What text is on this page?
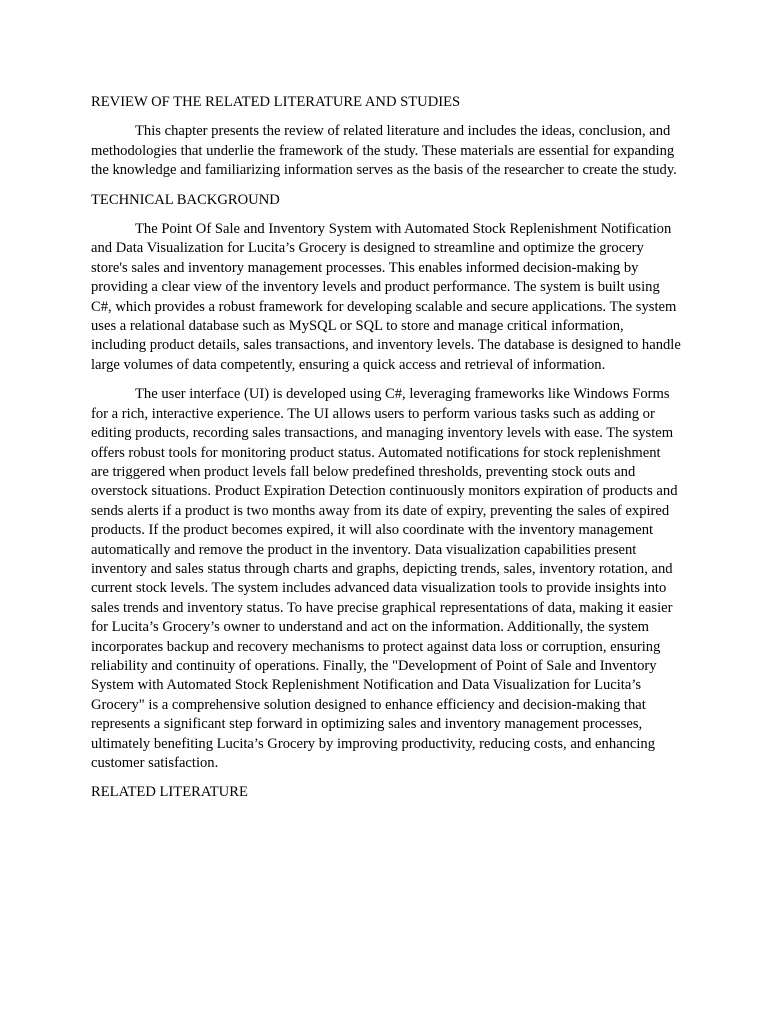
REVIEW OF THE RELATED LITERATURE AND STUDIES

This chapter presents the review of related literature and includes the ideas, conclusion, and methodologies that underlie the framework of the study. These materials are essential for expanding the knowledge and familiarizing information serves as the basis of the researcher to create the study.

TECHNICAL BACKGROUND

The Point Of Sale and Inventory System with Automated Stock Replenishment Notification and Data Visualization for Lucita’s Grocery is designed to streamline and optimize the grocery store's sales and inventory management processes. This enables informed decision-making by providing a clear view of the inventory levels and product performance. The system is built using C#, which provides a robust framework for developing scalable and secure applications. The system uses a relational database such as MySQL or SQL to store and manage critical information, including product details, sales transactions, and inventory levels. The database is designed to handle large volumes of data competently, ensuring a quick access and retrieval of information.

The user interface (UI) is developed using C#, leveraging frameworks like Windows Forms for a rich, interactive experience. The UI allows users to perform various tasks such as adding or editing products, recording sales transactions, and managing inventory levels with ease. The system offers robust tools for monitoring product status. Automated notifications for stock replenishment are triggered when product levels fall below predefined thresholds, preventing stock outs and overstock situations. Product Expiration Detection continuously monitors expiration of products and sends alerts if a product is two months away from its date of expiry, preventing the sales of expired products. If the product becomes expired, it will also coordinate with the inventory management automatically and remove the product in the inventory. Data visualization capabilities present inventory and sales status through charts and graphs, depicting trends, sales, inventory rotation, and current stock levels. The system includes advanced data visualization tools to provide insights into sales trends and inventory status. To have precise graphical representations of data, making it easier for Lucita’s Grocery’s owner to understand and act on the information. Additionally, the system incorporates backup and recovery mechanisms to protect against data loss or corruption, ensuring reliability and continuity of operations. Finally, the "Development of Point of Sale and Inventory System with Automated Stock Replenishment Notification and Data Visualization for Lucita’s Grocery" is a comprehensive solution designed to enhance efficiency and decision-making that represents a significant step forward in optimizing sales and inventory management processes, ultimately benefiting Lucita’s Grocery by improving productivity, reducing costs, and enhancing customer satisfaction.

RELATED LITERATURE
